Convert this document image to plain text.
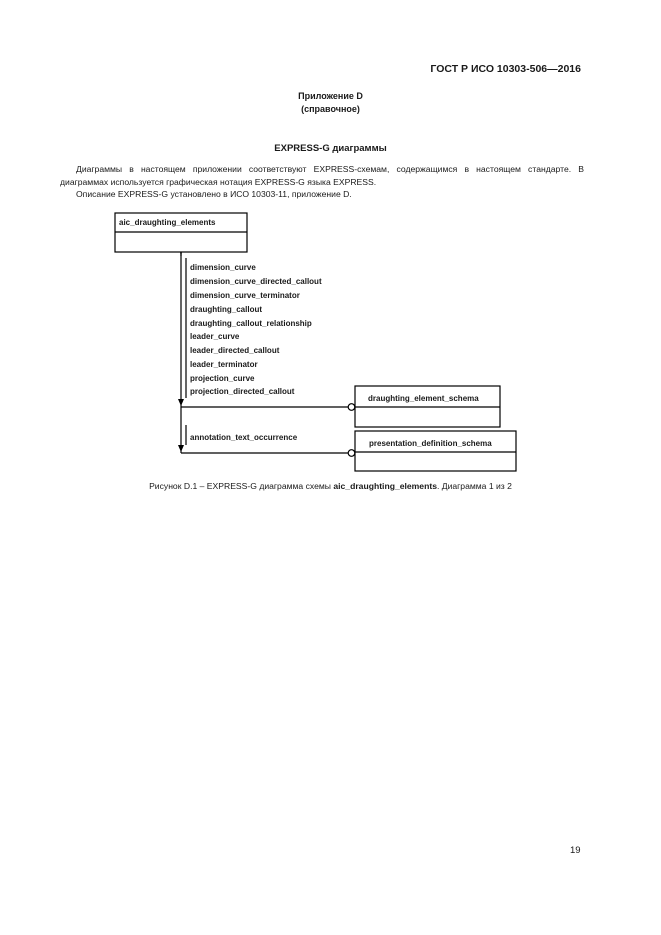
ГОСТ Р ИСО 10303-506—2016
Приложение D
(справочное)
EXPRESS-G диаграммы
Диаграммы в настоящем приложении соответствуют EXPRESS-схемам, содержащимся в настоящем стандарте. В диаграммах используется графическая нотация EXPRESS-G языка EXPRESS.
Описание EXPRESS-G установлено в ИСО 10303-11, приложение D.
aic_draughting_elements
dimension_curve
dimension_curve_directed_callout
dimension_curve_terminator
draughting_callout
draughting_callout_relationship
leader_curve
leader_directed_callout
leader_terminator
projection_curve
projection_directed_callout
draughting_element_schema
annotation_text_occurrence
presentation_definition_schema
Рисунок D.1 – EXPRESS-G диаграмма схемы aic_draughting_elements. Диаграмма 1 из 2
19
